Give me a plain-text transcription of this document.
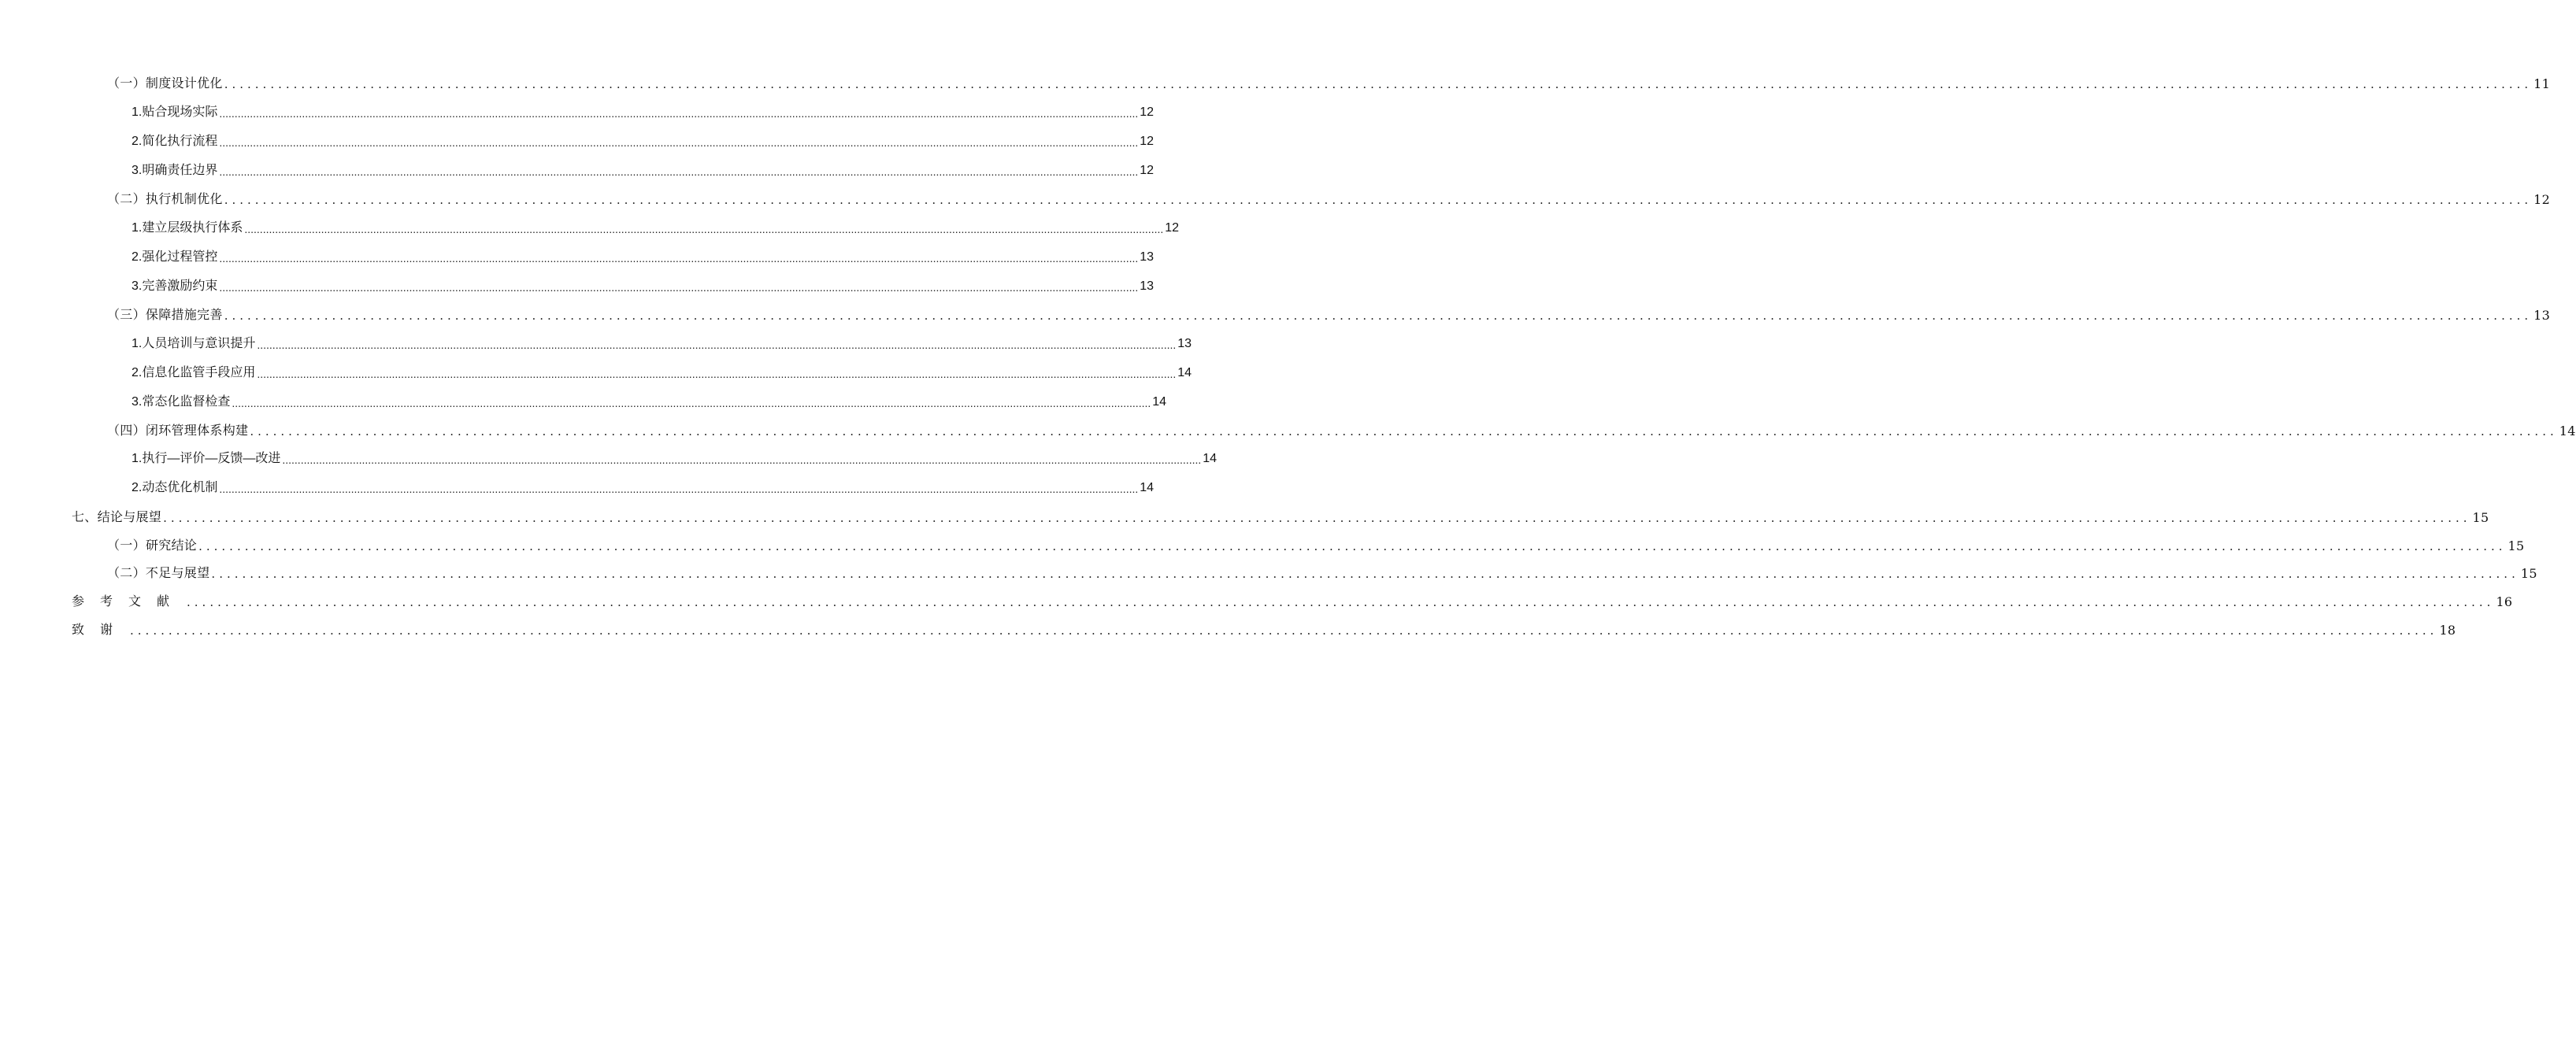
（一） 制度设计优化 ............................................................................................................................................................................................................................................................................................................ 11
1. 贴合现场实际 ............................................................................................................................................................................................................................................................................................................ 12
2. 简化执行流程 ............................................................................................................................................................................................................................................................................................................ 12
3. 明确责任边界 ............................................................................................................................................................................................................................................................................................................ 12
（二） 执行机制优化 ............................................................................................................................................................................................................................................................................................................ 12
1. 建立层级执行体系 ............................................................................................................................................................................................................................................................................................................ 12
2. 强化过程管控 ............................................................................................................................................................................................................................................................................................................ 13
3. 完善激励约束 ............................................................................................................................................................................................................................................................................................................ 13
（三） 保障措施完善 ............................................................................................................................................................................................................................................................................................................ 13
1. 人员培训与意识提升 ............................................................................................................................................................................................................................................................................................................ 13
2. 信息化监管手段应用 ............................................................................................................................................................................................................................................................................................................ 14
3. 常态化监督检查 ............................................................................................................................................................................................................................................................................................................ 14
（四） 闭环管理体系构建 ............................................................................................................................................................................................................................................................................................................ 14
1. 执行—评价—反馈—改进 ............................................................................................................................................................................................................................................................................................................ 14
2. 动态优化机制 ............................................................................................................................................................................................................................................................................................................ 14
七、 结论与展望 ............................................................................................................................................................................................................................................................................................................ 15
（一） 研究结论 ............................................................................................................................................................................................................................................................................................................ 15
（二） 不足与展望 ............................................................................................................................................................................................................................................................................................................ 15
参考文献 ............................................................................................................................................................................................................................................................................................................ 16
致谢 ............................................................................................................................................................................................................................................................................................................ 18
